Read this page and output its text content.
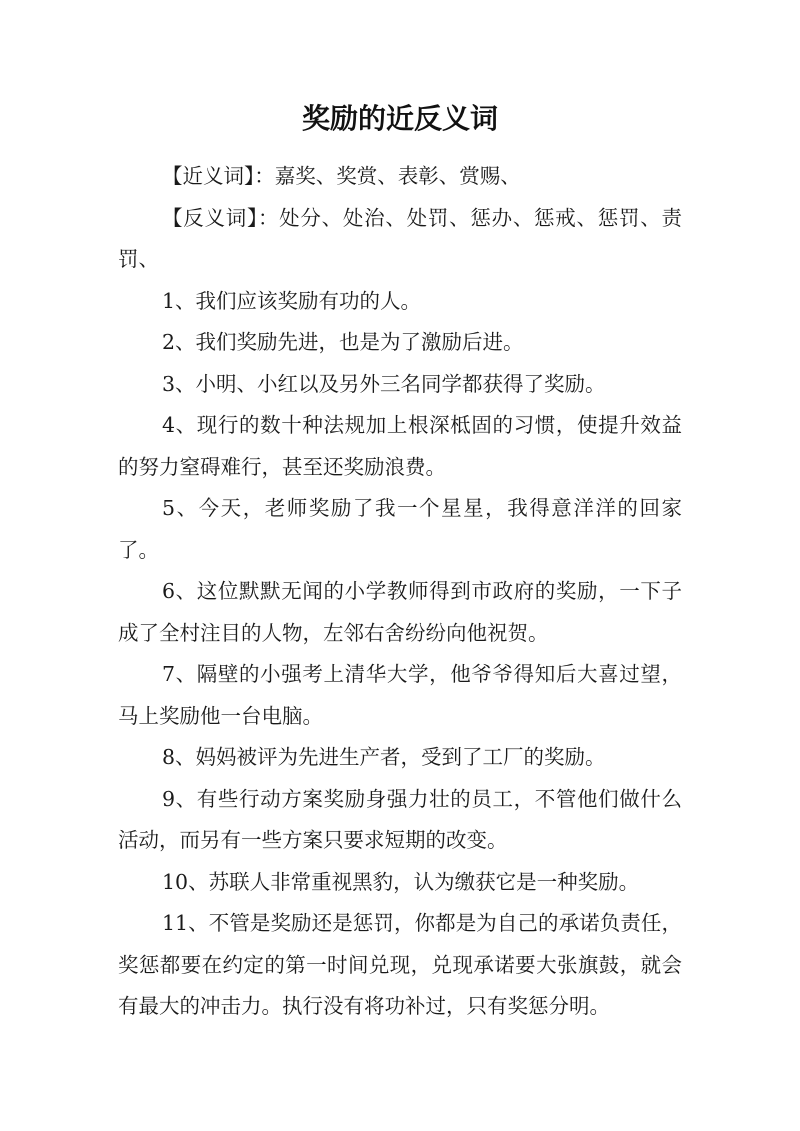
奖励的近反义词

【近义词】：嘉奖、奖赏、表彰、赏赐、

【反义词】：处分、处治、处罚、惩办、惩戒、惩罚、责罚、

1、我们应该奖励有功的人。

2、我们奖励先进，也是为了激励后进。

3、小明、小红以及另外三名同学都获得了奖励。

4、现行的数十种法规加上根深柢固的习惯，使提升效益的努力窒碍难行，甚至还奖励浪费。

5、今天，老师奖励了我一个星星，我得意洋洋的回家了。

6、这位默默无闻的小学教师得到市政府的奖励，一下子成了全村注目的人物，左邻右舍纷纷向他祝贺。

7、隔壁的小强考上清华大学，他爷爷得知后大喜过望，马上奖励他一台电脑。

8、妈妈被评为先进生产者，受到了工厂的奖励。

9、有些行动方案奖励身强力壮的员工，不管他们做什么活动，而另有一些方案只要求短期的改变。

10、苏联人非常重视黑豹，认为缴获它是一种奖励。

11、不管是奖励还是惩罚，你都是为自己的承诺负责任，奖惩都要在约定的第一时间兑现，兑现承诺要大张旗鼓，就会有最大的冲击力。执行没有将功补过，只有奖惩分明。
